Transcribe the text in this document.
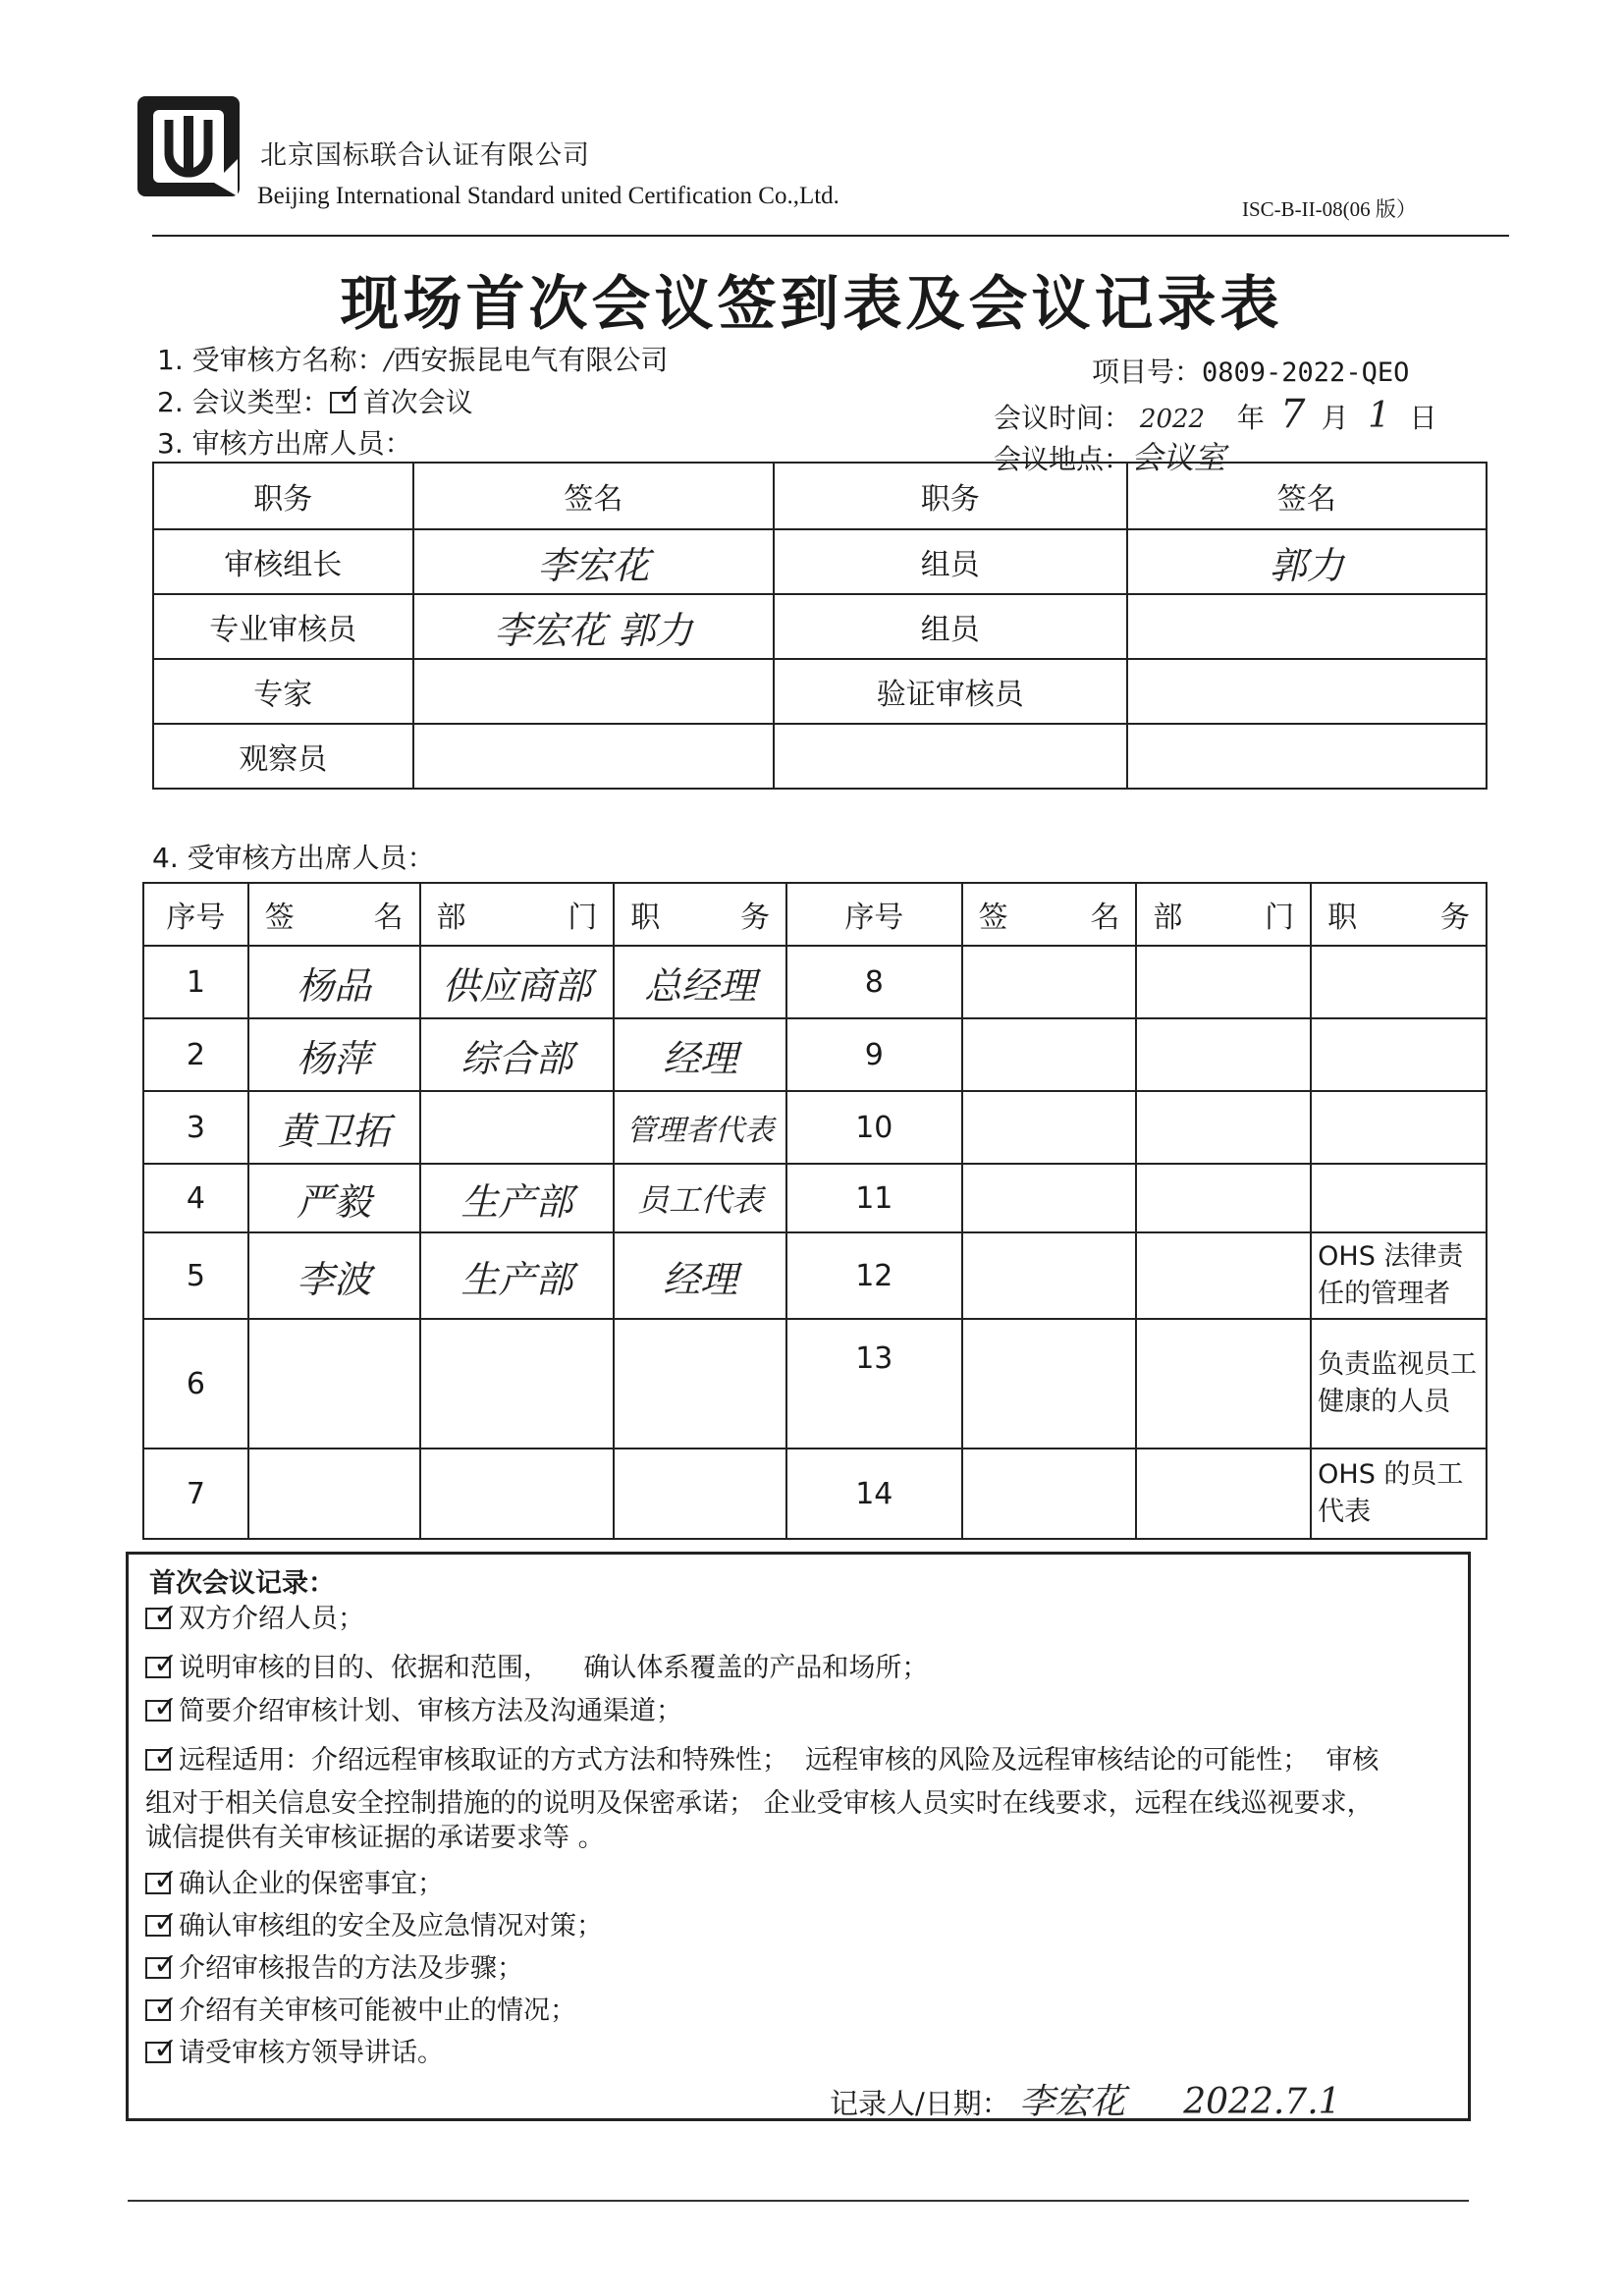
北京国标联合认证有限公司
Beijing International Standard united Certification Co.,Ltd.	ISC-B-II-08(06 版）
现场首次会议签到表及会议记录表
1. 受审核方名称：/西安振昆电气有限公司	项目号：0809-2022-QEO
2. 会议类型： ✓ 首次会议	会议时间： 2022 年 7 月 1 日
3. 审核方出席人员：	会议地点：会议室
职务	签名	职务	签名
审核组长	李宏花	组员	郭力
专业审核员	李宏花 郭力	组员	
专家		验证审核员	
观察员			
4. 受审核方出席人员：
序号	签 名	部 门	职 务	序号	签 名	部 门	职 务

1	杨品	供应商部	总经理	8			
2	杨萍	综合部	经理	9			
3	黄卫拓		管理者代表	10			
4	严毅	生产部	员工代表	11			
5	李波	生产部	经理	12			OHS 法律责任的管理者
6				13			负责监视员工健康的人员
7				14			OHS 的员工代表
首次会议记录：
✓ 双方介绍人员；
✓ 说明审核的目的、依据和范围，    确认体系覆盖的产品和场所；
✓ 简要介绍审核计划、审核方法及沟通渠道；
✓ 远程适用：介绍远程审核取证的方式方法和特殊性；  远程审核的风险及远程审核结论的可能性；  审核
组对于相关信息安全控制措施的的说明及保密承诺； 企业受审核人员实时在线要求，远程在线巡视要求，
诚信提供有关审核证据的承诺要求等 。
✓ 确认企业的保密事宜；
✓ 确认审核组的安全及应急情况对策；
✓ 介绍审核报告的方法及步骤；
✓ 介绍有关审核可能被中止的情况；
✓ 请受审核方领导讲话。
记录人/日期： 李宏花 2022.7.1
